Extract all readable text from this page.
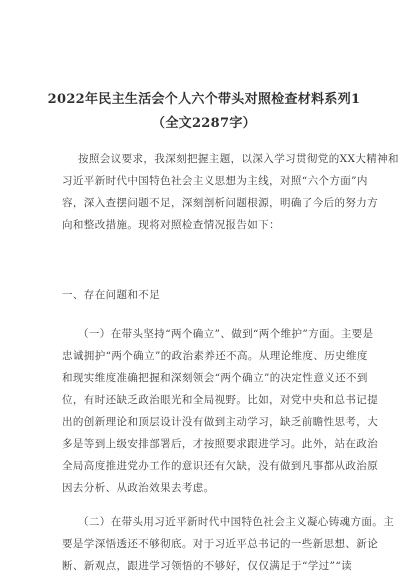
2022年民主生活会个人六个带头对照检查材料系列1
（全文2287字）
按照会议要求，我深刻把握主题，以深入学习贯彻党的XX大精神和
习近平新时代中国特色社会主义思想为主线，对照“六个方面”内
容，深入查摆问题不足，深刻剖析问题根源，明确了今后的努力方
向和整改措施。现将对照检查情况报告如下：
一、存在问题和不足
（一）在带头坚持“两个确立”、做到“两个维护”方面。主要是
忠诚拥护“两个确立”的政治素养还不高。从理论维度、历史维度
和现实维度准确把握和深刻领会“两个确立”的决定性意义还不到
位，有时还缺乏政治眼光和全局视野。比如，对党中央和总书记提
出的创新理论和顶层设计没有做到主动学习，缺乏前瞻性思考，大
多是等到上级安排部署后，才按照要求跟进学习。此外，站在政治
全局高度推进党办工作的意识还有欠缺，没有做到凡事都从政治原
因去分析、从政治效果去考虑。
（二）在带头用习近平新时代中国特色社会主义凝心铸魂方面。主
要是学深悟透还不够彻底。对于习近平总书记的一些新思想、新论
断、新观点，跟进学习领悟的不够好，仅仅满足于“学过”“读
